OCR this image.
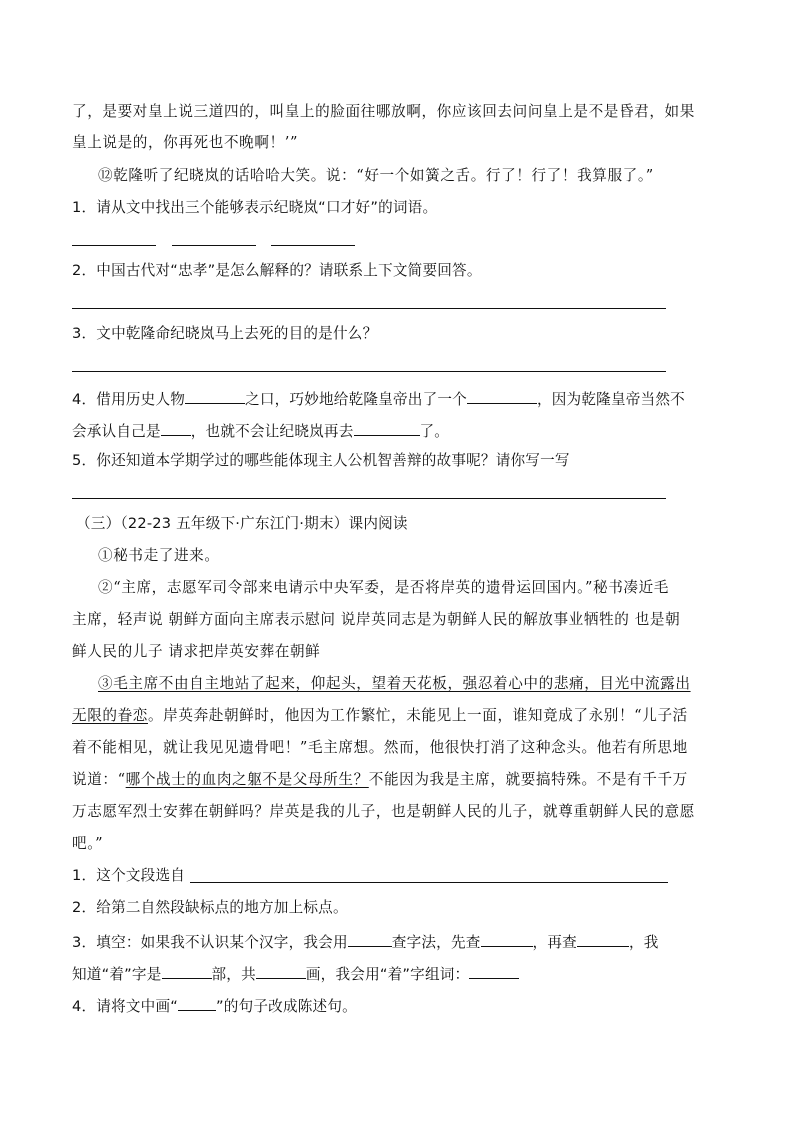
了，是要对皇上说三道四的，叫皇上的脸面往哪放啊，你应该回去问问皇上是不是昏君，如果
皇上说是的，你再死也不晚啊！’”
⑫乾隆听了纪晓岚的话哈哈大笑。说：“好一个如簧之舌。行了！行了！我算服了。”
1．请从文中找出三个能够表示纪晓岚“口才好”的词语。
2．中国古代对“忠孝”是怎么解释的？请联系上下文简要回答。
3．文中乾隆命纪晓岚马上去死的目的是什么？
4．借用历史人物	之口，巧妙地给乾隆皇帝出了一个	，因为乾隆皇帝当然不
会承认自己是 ，也就不会让纪晓岚再去	了。
5．你还知道本学期学过的哪些能体现主人公机智善辩的故事呢？请你写一写
（三）（22-23 五年级下·广东江门·期末）课内阅读
①秘书走了进来。
②“主席，志愿军司令部来电请示中央军委，是否将岸英的遗骨运回国内。”秘书凑近毛
主席，轻声说 朝鲜方面向主席表示慰问 说岸英同志是为朝鲜人民的解放事业牺牲的 也是朝
鲜人民的儿子 请求把岸英安葬在朝鲜
③毛主席不由自主地站了起来，仰起头，望着天花板，强忍着心中的悲痛，目光中流露出
无限的眷恋。岸英奔赴朝鲜时，他因为工作繁忙，未能见上一面，谁知竟成了永别！“儿子活
着不能相见，就让我见见遗骨吧！”毛主席想。然而，他很快打消了这种念头。他若有所思地
说道：“哪个战士的血肉之躯不是父母所生？不能因为我是主席，就要搞特殊。不是有千千万
万志愿军烈士安葬在朝鲜吗？岸英是我的儿子，也是朝鲜人民的儿子，就尊重朝鲜人民的意愿
吧。”
1．这个文段选自
2．给第二自然段缺标点的地方加上标点。
3．填空：如果我不认识某个汉字，我会用	查字法，先查	，再查	，我
知道“着”字是	部，共	画，我会用“着”字组词：
4．请将文中画“	”的句子改成陈述句。
